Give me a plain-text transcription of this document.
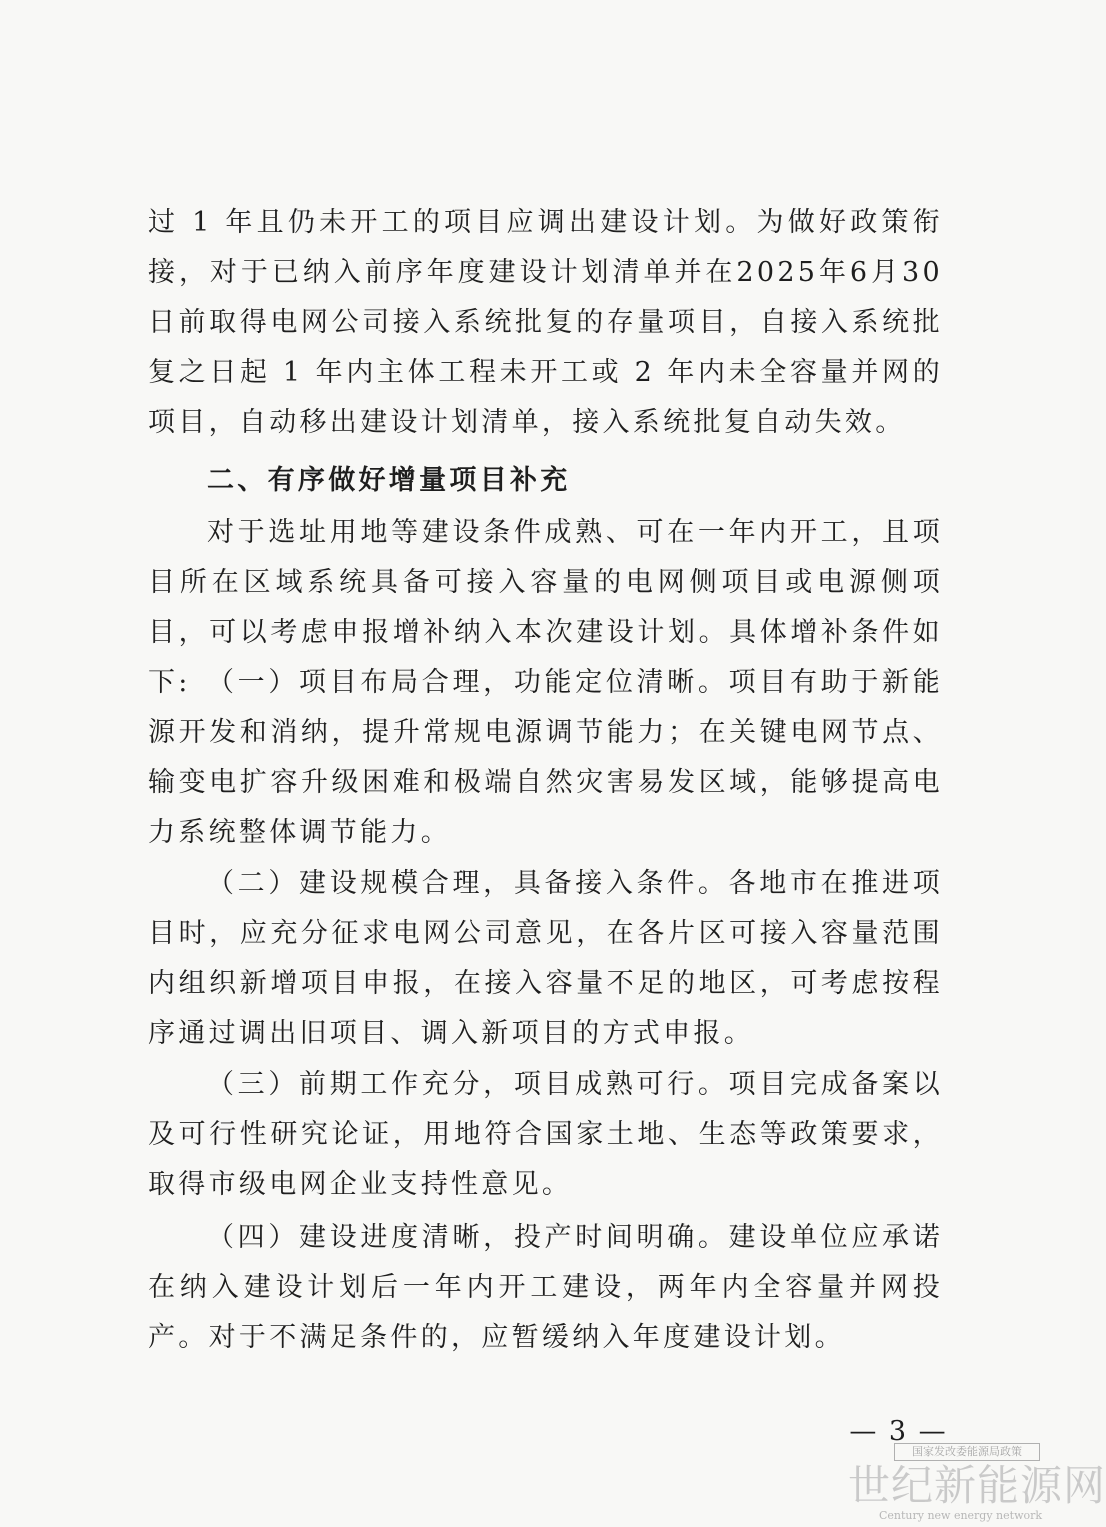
过 1 年且仍未开工的项目应调出建设计划。为做好政策衔接，对于已纳入前序年度建设计划清单并在2025年6月30日前取得电网公司接入系统批复的存量项目，自接入系统批复之日起 1 年内主体工程未开工或 2 年内未全容量并网的项目，自动移出建设计划清单，接入系统批复自动失效。

二、有序做好增量项目补充

对于选址用地等建设条件成熟、可在一年内开工，且项目所在区域系统具备可接入容量的电网侧项目或电源侧项目，可以考虑申报增补纳入本次建设计划。具体增补条件如下: （一）项目布局合理，功能定位清晰。项目有助于新能源开发和消纳，提升常规电源调节能力；在关键电网节点、输变电扩容升级困难和极端自然灾害易发区域，能够提高电力系统整体调节能力。

（二）建设规模合理，具备接入条件。各地市在推进项目时，应充分征求电网公司意见，在各片区可接入容量范围内组织新增项目申报，在接入容量不足的地区，可考虑按程序通过调出旧项目、调入新项目的方式申报。

（三）前期工作充分，项目成熟可行。项目完成备案以及可行性研究论证，用地符合国家土地、生态等政策要求，取得市级电网企业支持性意见。

（四）建设进度清晰，投产时间明确。建设单位应承诺在纳入建设计划后一年内开工建设，两年内全容量并网投产。对于不满足条件的，应暂缓纳入年度建设计划。

— 3 —
国家发改委能源局政策
世纪新能源网
Century new energy network
